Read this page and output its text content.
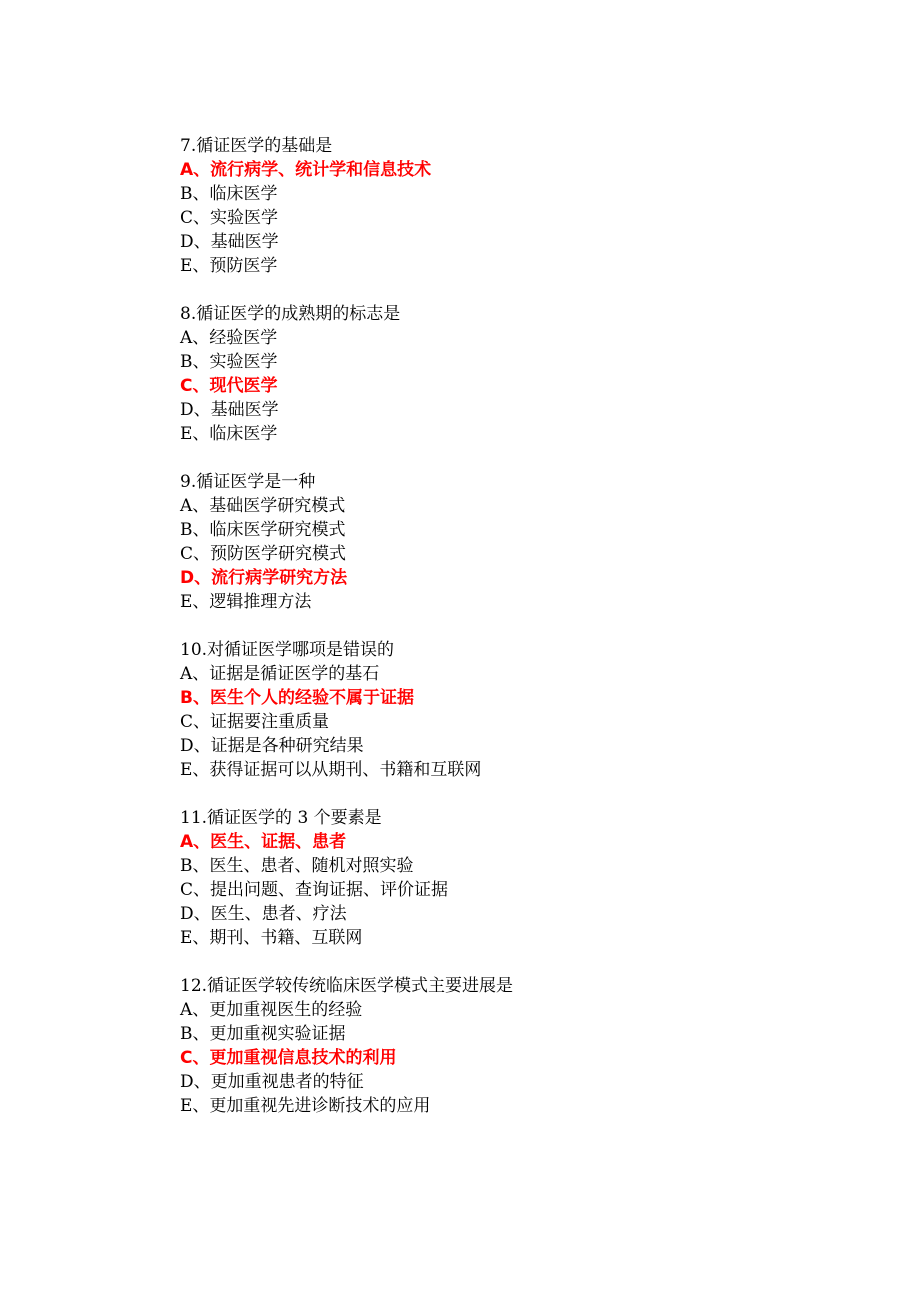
7.循证医学的基础是
A、流行病学、统计学和信息技术
B、临床医学
C、实验医学
D、基础医学
E、预防医学
8.循证医学的成熟期的标志是
A、经验医学
B、实验医学
C、现代医学
D、基础医学
E、临床医学
9.循证医学是一种
A、基础医学研究模式
B、临床医学研究模式
C、预防医学研究模式
D、流行病学研究方法
E、逻辑推理方法
10.对循证医学哪项是错误的
A、证据是循证医学的基石
B、医生个人的经验不属于证据
C、证据要注重质量
D、证据是各种研究结果
E、获得证据可以从期刊、书籍和互联网
11.循证医学的 3 个要素是
A、医生、证据、患者
B、医生、患者、随机对照实验
C、提出问题、查询证据、评价证据
D、医生、患者、疗法
E、期刊、书籍、互联网
12.循证医学较传统临床医学模式主要进展是
A、更加重视医生的经验
B、更加重视实验证据
C、更加重视信息技术的利用
D、更加重视患者的特征
E、更加重视先进诊断技术的应用
